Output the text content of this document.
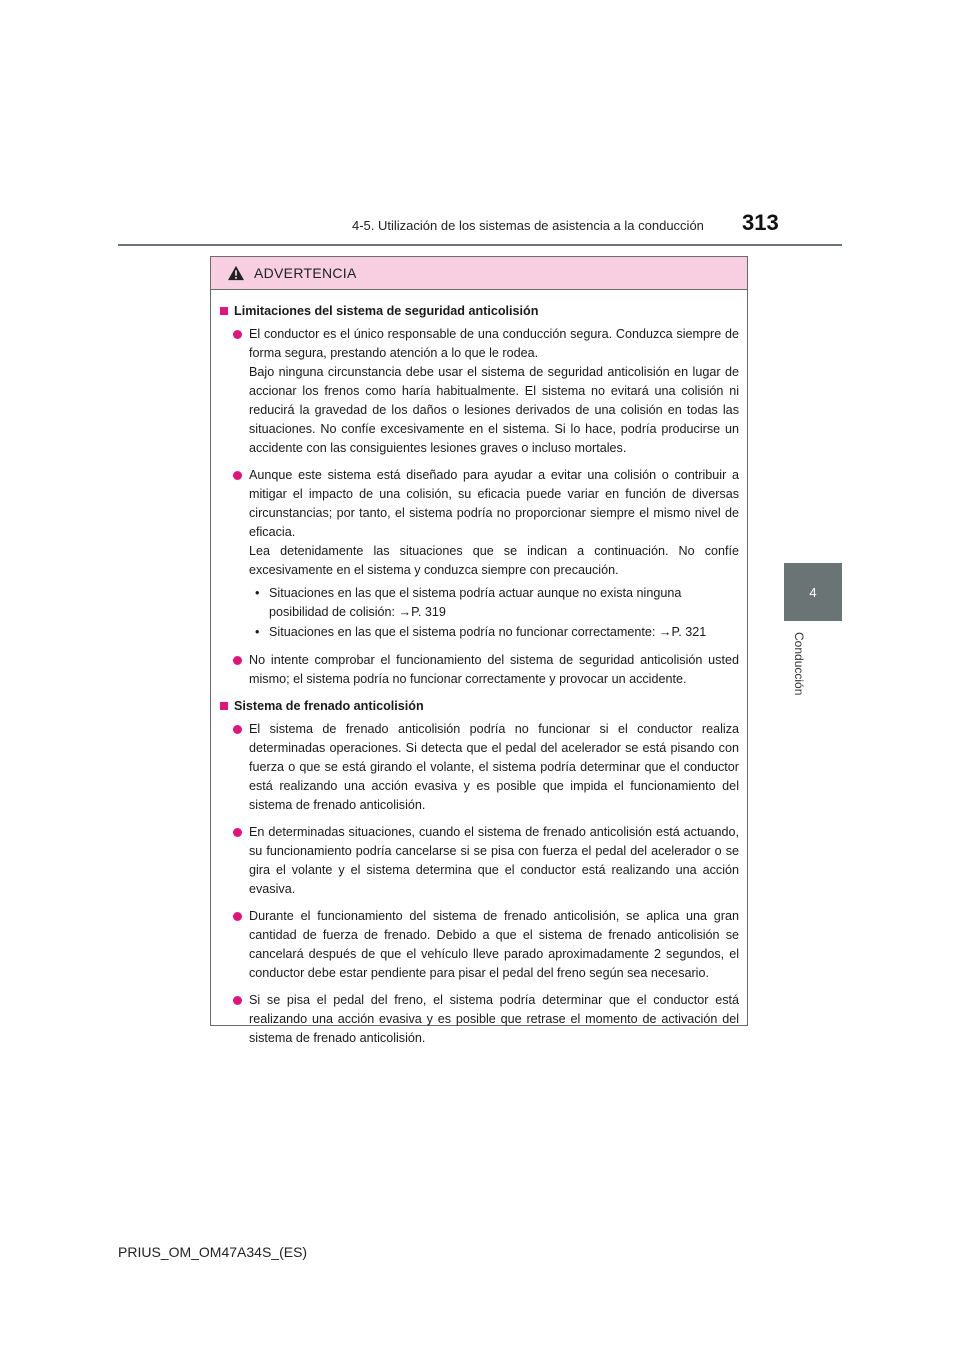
4-5. Utilización de los sistemas de asistencia a la conducción 313
4
Conducción
ADVERTENCIA
Limitaciones del sistema de seguridad anticolisión

El conductor es el único responsable de una conducción segura. Conduzca siempre de forma segura, prestando atención a lo que le rodea.

Bajo ninguna circunstancia debe usar el sistema de seguridad anticolisión en lugar de accionar los frenos como haría habitualmente. El sistema no evitará una colisión ni reducirá la gravedad de los daños o lesiones derivados de una colisión en todas las situaciones. No confíe excesivamente en el sistema. Si lo hace, podría producirse un accidente con las consiguientes lesiones graves o incluso mortales.

Aunque este sistema está diseñado para ayudar a evitar una colisión o contribuir a mitigar el impacto de una colisión, su eficacia puede variar en función de diversas circunstancias; por tanto, el sistema podría no proporcionar siempre el mismo nivel de eficacia.

Lea detenidamente las situaciones que se indican a continuación. No confíe excesivamente en el sistema y conduzca siempre con precaución.

• Situaciones en las que el sistema podría actuar aunque no exista ninguna posibilidad de colisión: →P. 319
• Situaciones en las que el sistema podría no funcionar correctamente: →P. 321

No intente comprobar el funcionamiento del sistema de seguridad anticolisión usted mismo; el sistema podría no funcionar correctamente y provocar un accidente.

Sistema de frenado anticolisión

El sistema de frenado anticolisión podría no funcionar si el conductor realiza determinadas operaciones. Si detecta que el pedal del acelerador se está pisando con fuerza o que se está girando el volante, el sistema podría determinar que el conductor está realizando una acción evasiva y es posible que impida el funcionamiento del sistema de frenado anticolisión.

En determinadas situaciones, cuando el sistema de frenado anticolisión está actuando, su funcionamiento podría cancelarse si se pisa con fuerza el pedal del acelerador o se gira el volante y el sistema determina que el conductor está realizando una acción evasiva.

Durante el funcionamiento del sistema de frenado anticolisión, se aplica una gran cantidad de fuerza de frenado. Debido a que el sistema de frenado anticolisión se cancelará después de que el vehículo lleve parado aproximadamente 2 segundos, el conductor debe estar pendiente para pisar el pedal del freno según sea necesario.

Si se pisa el pedal del freno, el sistema podría determinar que el conductor está realizando una acción evasiva y es posible que retrase el momento de activación del sistema de frenado anticolisión.

PRIUS_OM_OM47A34S_(ES)
